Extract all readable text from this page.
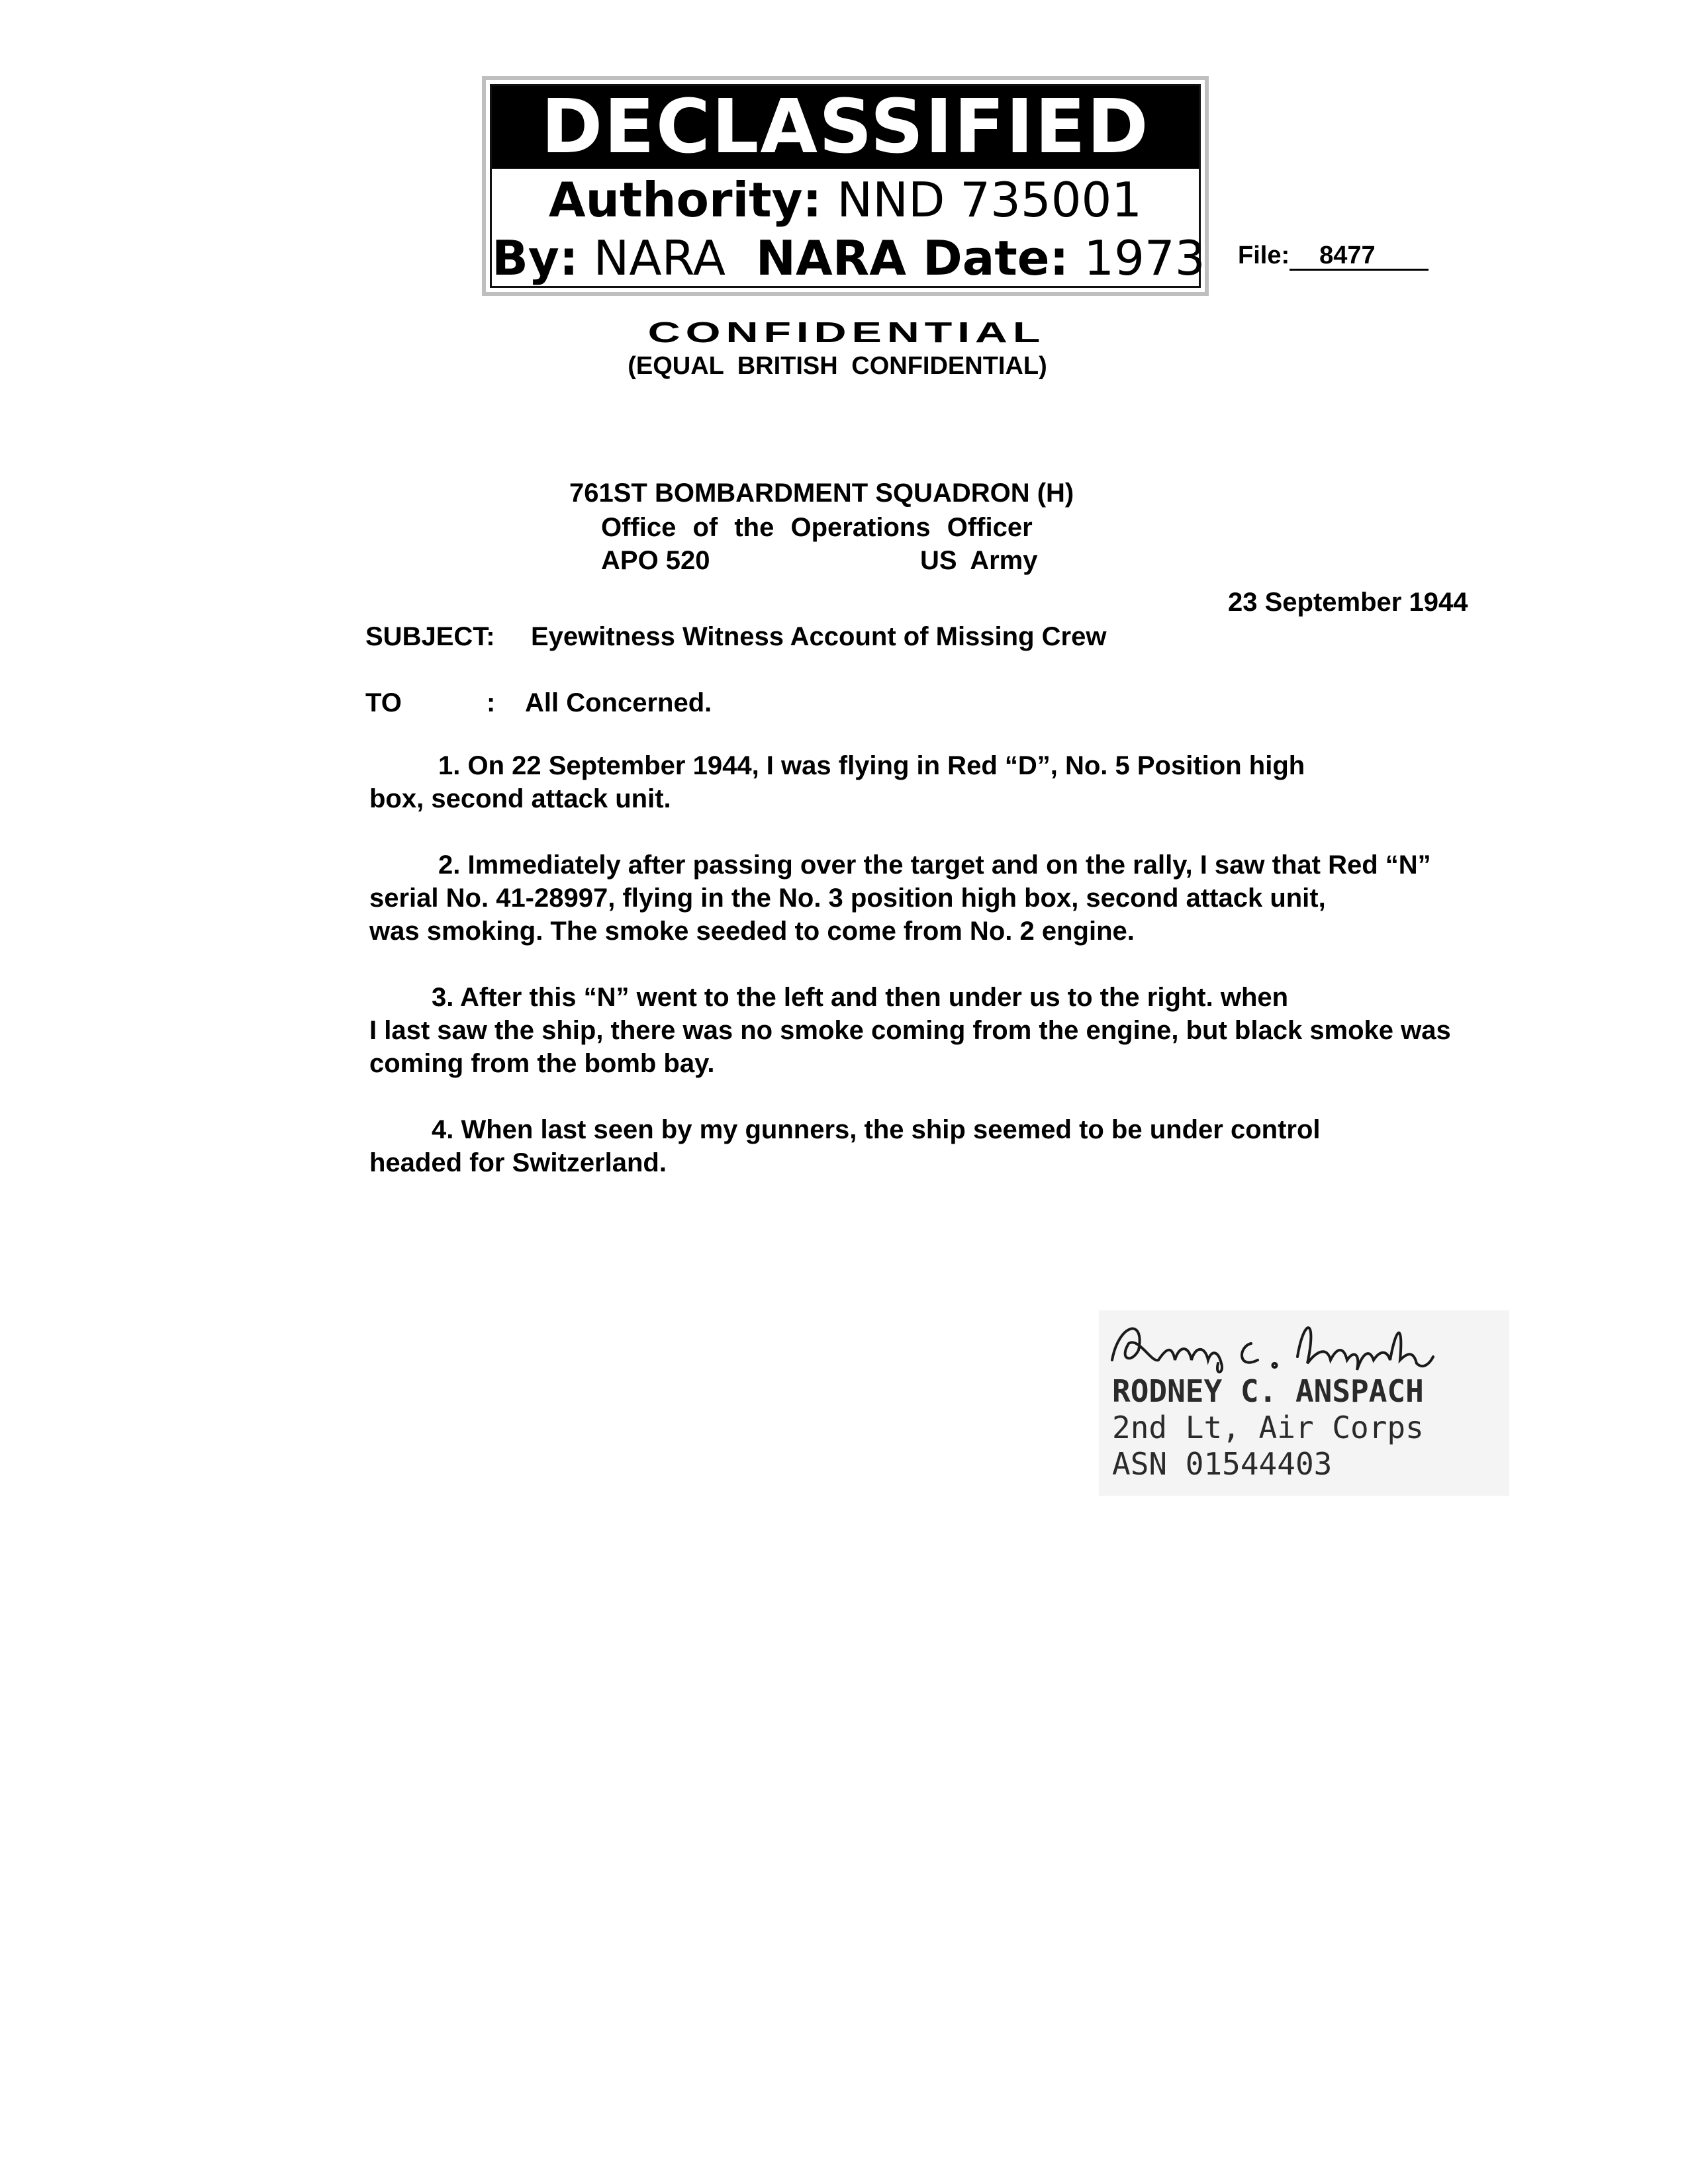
DECLASSIFIED
Authority: NND 735001
By: NARA NARA Date: 1973 File: 8477
CONFIDENTIAL
(EQUAL BRITISH CONFIDENTIAL)
761ST BOMBARDMENT SQUADRON (H)
Office of the Operations Officer
APO 520	US Army
23 September 1944
SUBJECT: Eyewitness Witness Account of Missing Crew
TO	: All Concerned.
1. On 22 September 1944, I was flying in Red “D”, No. 5 Position high
box, second attack unit.
2. Immediately after passing over the target and on the rally, I saw that Red “N”
serial No. 41-28997, flying in the No. 3 position high box, second attack unit,
was smoking. The smoke seeded to come from No. 2 engine.
3. After this “N” went to the left and then under us to the right. when
I last saw the ship, there was no smoke coming from the engine, but black smoke was
coming from the bomb bay.
4. When last seen by my gunners, the ship seemed to be under control
headed for Switzerland.
RODNEY C. ANSPACH
2nd Lt, Air Corps
ASN 01544403
